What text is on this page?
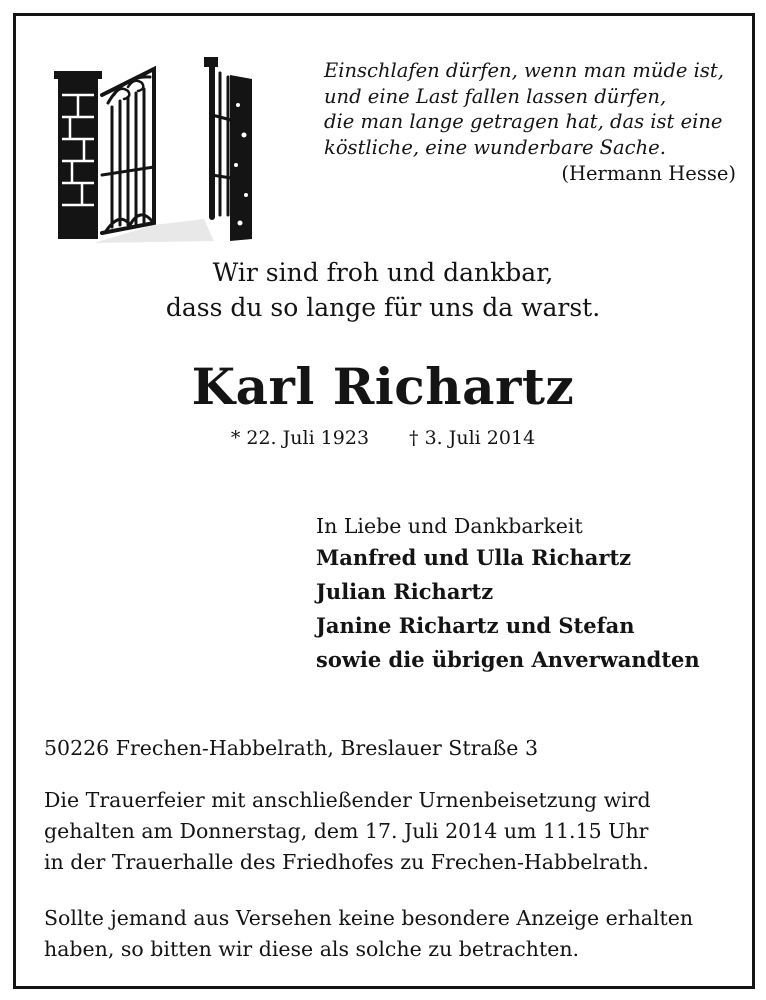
Einschlafen dürfen, wenn man müde ist,
und eine Last fallen lassen dürfen,
die man lange getragen hat, das ist eine
köstliche, eine wunderbare Sache.
(Hermann Hesse)
Wir sind froh und dankbar,
dass du so lange für uns da warst.
Karl Richartz
* 22. Juli 1923 † 3. Juli 2014
In Liebe und Dankbarkeit
Manfred und Ulla Richartz
Julian Richartz
Janine Richartz und Stefan
sowie die übrigen Anverwandten
50226 Frechen-Habbelrath, Breslauer Straße 3
Die Trauerfeier mit anschließender Urnenbeisetzung wird
gehalten am Donnerstag, dem 17. Juli 2014 um 11.15 Uhr
in der Trauerhalle des Friedhofes zu Frechen-Habbelrath.
Sollte jemand aus Versehen keine besondere Anzeige erhalten
haben, so bitten wir diese als solche zu betrachten.
